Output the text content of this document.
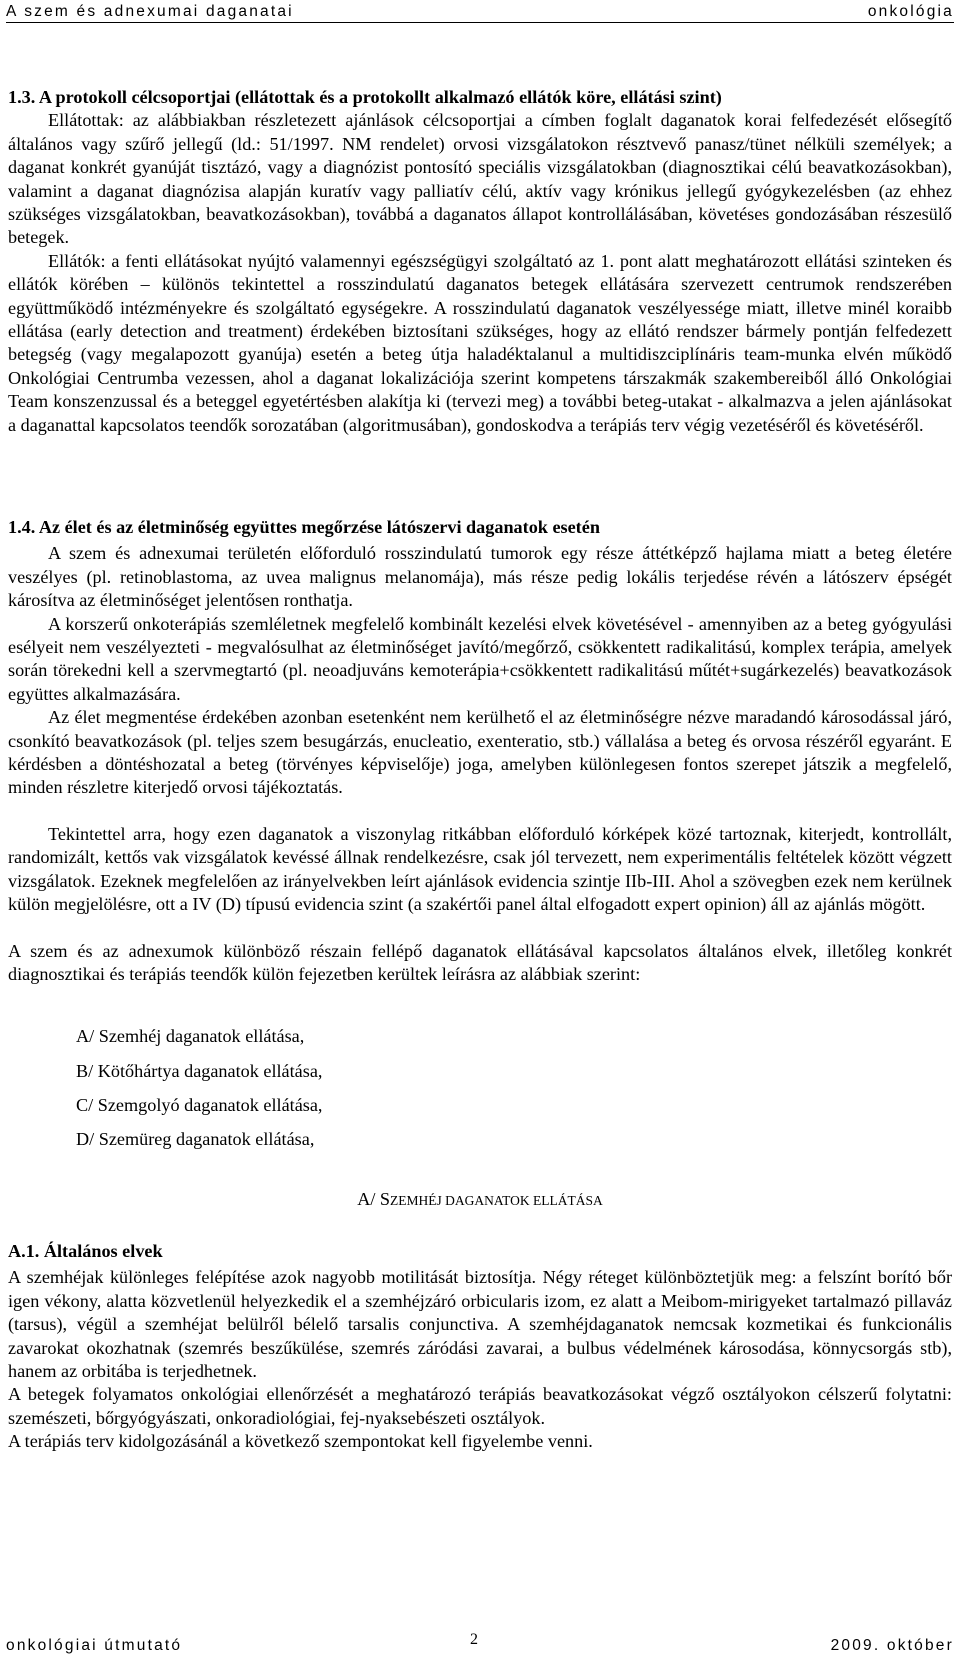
A szem és adnexumai daganatai	onkológia
1.3. A protokoll célcsoportjai (ellátottak és a protokollt alkalmazó ellátók köre, ellátási szint)

Ellátottak: az alábbiakban részletezett ajánlások célcsoportjai a címben foglalt daganatok korai felfedezését elősegítő általános vagy szűrő jellegű (ld.: 51/1997. NM rendelet) orvosi vizsgálatokon résztvevő panasz/tünet nélküli személyek; a daganat konkrét gyanúját tisztázó, vagy a diagnózist pontosító speciális vizsgálatokban (diagnosztikai célú beavatkozásokban), valamint a daganat diagnózisa alapján kuratív vagy palliatív célú, aktív vagy krónikus jellegű gyógykezelésben (az ehhez szükséges vizsgálatokban, beavatkozásokban), továbbá a daganatos állapot kontrollálásában, követéses gondozásában részesülő betegek.

Ellátók: a fenti ellátásokat nyújtó valamennyi egészségügyi szolgáltató az 1. pont alatt meghatározott ellátási szinteken és ellátók körében – különös tekintettel a rosszindulatú daganatos betegek ellátására szervezett centrumok rendszerében együttműködő intézményekre és szolgáltató egységekre. A rosszindulatú daganatok veszélyessége miatt, illetve minél koraibb ellátása (early detection and treatment) érdekében biztosítani szükséges, hogy az ellátó rendszer bármely pontján felfedezett betegség (vagy megalapozott gyanúja) esetén a beteg útja haladéktalanul a multidiszciplínáris team-munka elvén működő Onkológiai Centrumba vezessen, ahol a daganat lokalizációja szerint kompetens társzakmák szakembereiből álló Onkológiai Team konszenzussal és a beteggel egyetértésben alakítja ki (tervezi meg) a további beteg-utakat - alkalmazva a jelen ajánlásokat a daganattal kapcsolatos teendők sorozatában (algoritmusában), gondoskodva a terápiás terv végig vezetéséről és követéséről.

1.4. Az élet és az életminőség együttes megőrzése látószervi daganatok esetén

A szem és adnexumai területén előforduló rosszindulatú tumorok egy része áttétképző hajlama miatt a beteg életére veszélyes (pl. retinoblastoma, az uvea malignus melanomája), más része pedig lokális terjedése révén a látószerv épségét károsítva az életminőséget jelentősen ronthatja.

A korszerű onkoterápiás szemléletnek megfelelő kombinált kezelési elvek követésével - amennyiben az a beteg gyógyulási esélyeit nem veszélyezteti - megvalósulhat az életminőséget javító/megőrző, csökkentett radikalitású, komplex terápia, amelyek során törekedni kell a szervmegtartó (pl. neoadjuváns kemoterápia+csökkentett radikalitású műtét+sugárkezelés) beavatkozások együttes alkalmazására.

Az élet megmentése érdekében azonban esetenként nem kerülhető el az életminőségre nézve maradandó károsodással járó, csonkító beavatkozások (pl. teljes szem besugárzás, enucleatio, exenteratio, stb.) vállalása a beteg és orvosa részéről egyaránt. E kérdésben a döntéshozatal a beteg (törvényes képviselője) joga, amelyben különlegesen fontos szerepet játszik a megfelelő, minden részletre kiterjedő orvosi tájékoztatás.

Tekintettel arra, hogy ezen daganatok a viszonylag ritkábban előforduló kórképek közé tartoznak, kiterjedt, kontrollált, randomizált, kettős vak vizsgálatok kevéssé állnak rendelkezésre, csak jól tervezett, nem experimentális feltételek között végzett vizsgálatok. Ezeknek megfelelően az irányelvekben leírt ajánlások evidencia szintje IIb-III. Ahol a szövegben ezek nem kerülnek külön megjelölésre, ott a IV (D) típusú evidencia szint (a szakértői panel által elfogadott expert opinion) áll az ajánlás mögött.

A szem és az adnexumok különböző részain fellépő daganatok ellátásával kapcsolatos általános elvek, illetőleg konkrét diagnosztikai és terápiás teendők külön fejezetben kerültek leírásra az alábbiak szerint:

A/ Szemhéj daganatok ellátása,
B/ Kötőhártya daganatok ellátása,
C/ Szemgolyó daganatok ellátása,
D/ Szemüreg daganatok ellátása,
A/ SZEMHÉJ DAGANATOK ELLÁTÁSA
A.1. Általános elvek

A szemhéjak különleges felépítése azok nagyobb motilitását biztosítja. Négy réteget különböztetjük meg: a felszínt borító bőr igen vékony, alatta közvetlenül helyezkedik el a szemhéjzáró orbicularis izom, ez alatt a Meibom-mirigyeket tartalmazó pillaváz (tarsus), végül a szemhéjat belülről bélelő tarsalis conjunctiva. A szemhéjdaganatok nemcsak kozmetikai és funkcionális zavarokat okozhatnak (szemrés beszűkülése, szemrés záródási zavarai, a bulbus védelmének károsodása, könnycsorgás stb), hanem az orbitába is terjedhetnek.

A betegek folyamatos onkológiai ellenőrzését a meghatározó terápiás beavatkozásokat végző osztályokon célszerű folytatni: szemészeti, bőrgyógyászati, onkoradiológiai, fej-nyaksebészeti osztályok.

A terápiás terv kidolgozásánál a következő szempontokat kell figyelembe venni.

onkológiai útmutató	2	2009. október
